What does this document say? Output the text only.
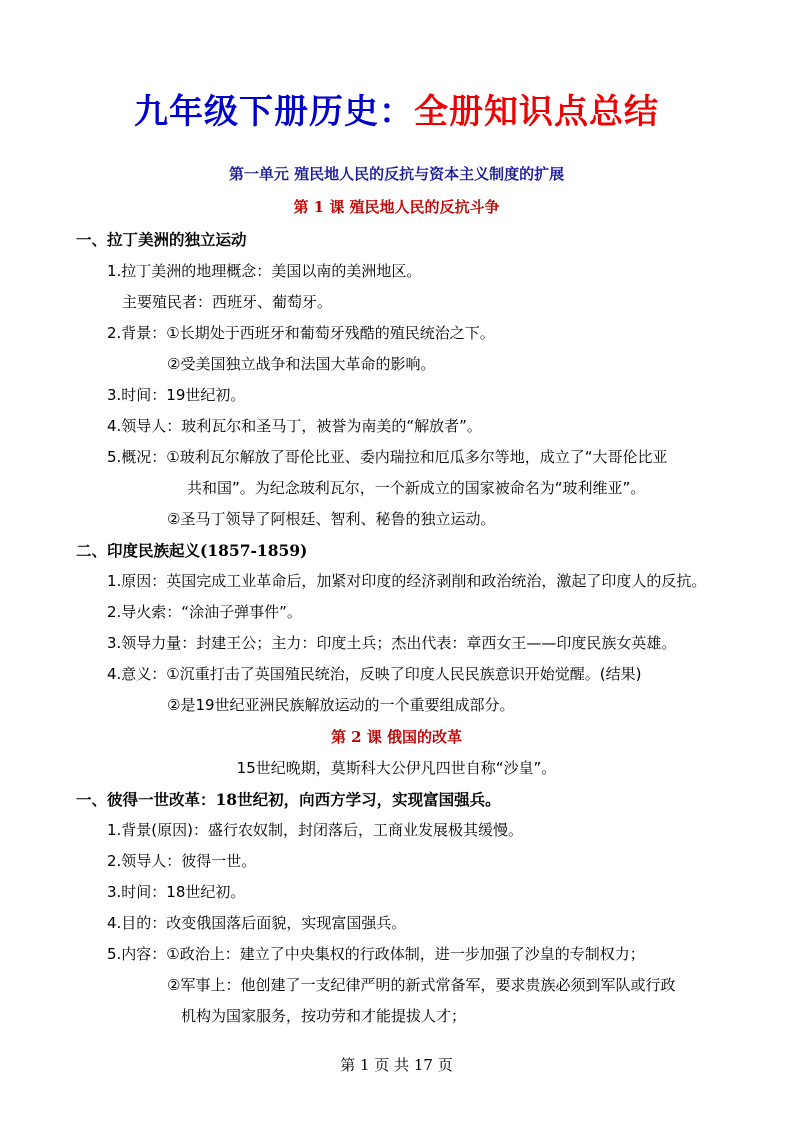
九年级下册历史：全册知识点总结
第一单元 殖民地人民的反抗与资本主义制度的扩展
第 1 课 殖民地人民的反抗斗争
一、拉丁美洲的独立运动
1.拉丁美洲的地理概念：美国以南的美洲地区。
主要殖民者：西班牙、葡萄牙。
2.背景：①长期处于西班牙和葡萄牙残酷的殖民统治之下。
②受美国独立战争和法国大革命的影响。
3.时间：19世纪初。
4.领导人：玻利瓦尔和圣马丁，被誉为南美的“解放者”。
5.概况：①玻利瓦尔解放了哥伦比亚、委内瑞拉和厄瓜多尔等地，成立了“大哥伦比亚
共和国”。为纪念玻利瓦尔，一个新成立的国家被命名为“玻利维亚”。
②圣马丁领导了阿根廷、智利、秘鲁的独立运动。
二、印度民族起义(1857-1859)
1.原因：英国完成工业革命后，加紧对印度的经济剥削和政治统治，激起了印度人的反抗。
2.导火索：“涂油子弹事件”。
3.领导力量：封建王公；主力：印度土兵；杰出代表：章西女王——印度民族女英雄。
4.意义：①沉重打击了英国殖民统治，反映了印度人民民族意识开始觉醒。(结果)
②是19世纪亚洲民族解放运动的一个重要组成部分。
第 2 课 俄国的改革
15世纪晚期，莫斯科大公伊凡四世自称“沙皇”。
一、彼得一世改革：18世纪初，向西方学习，实现富国强兵。
1.背景(原因)：盛行农奴制，封闭落后，工商业发展极其缓慢。
2.领导人：彼得一世。
3.时间：18世纪初。
4.目的：改变俄国落后面貌，实现富国强兵。
5.内容：①政治上：建立了中央集权的行政体制，进一步加强了沙皇的专制权力；
②军事上：他创建了一支纪律严明的新式常备军，要求贵族必须到军队或行政
机构为国家服务，按功劳和才能提拔人才；
第 1 页 共 17 页
